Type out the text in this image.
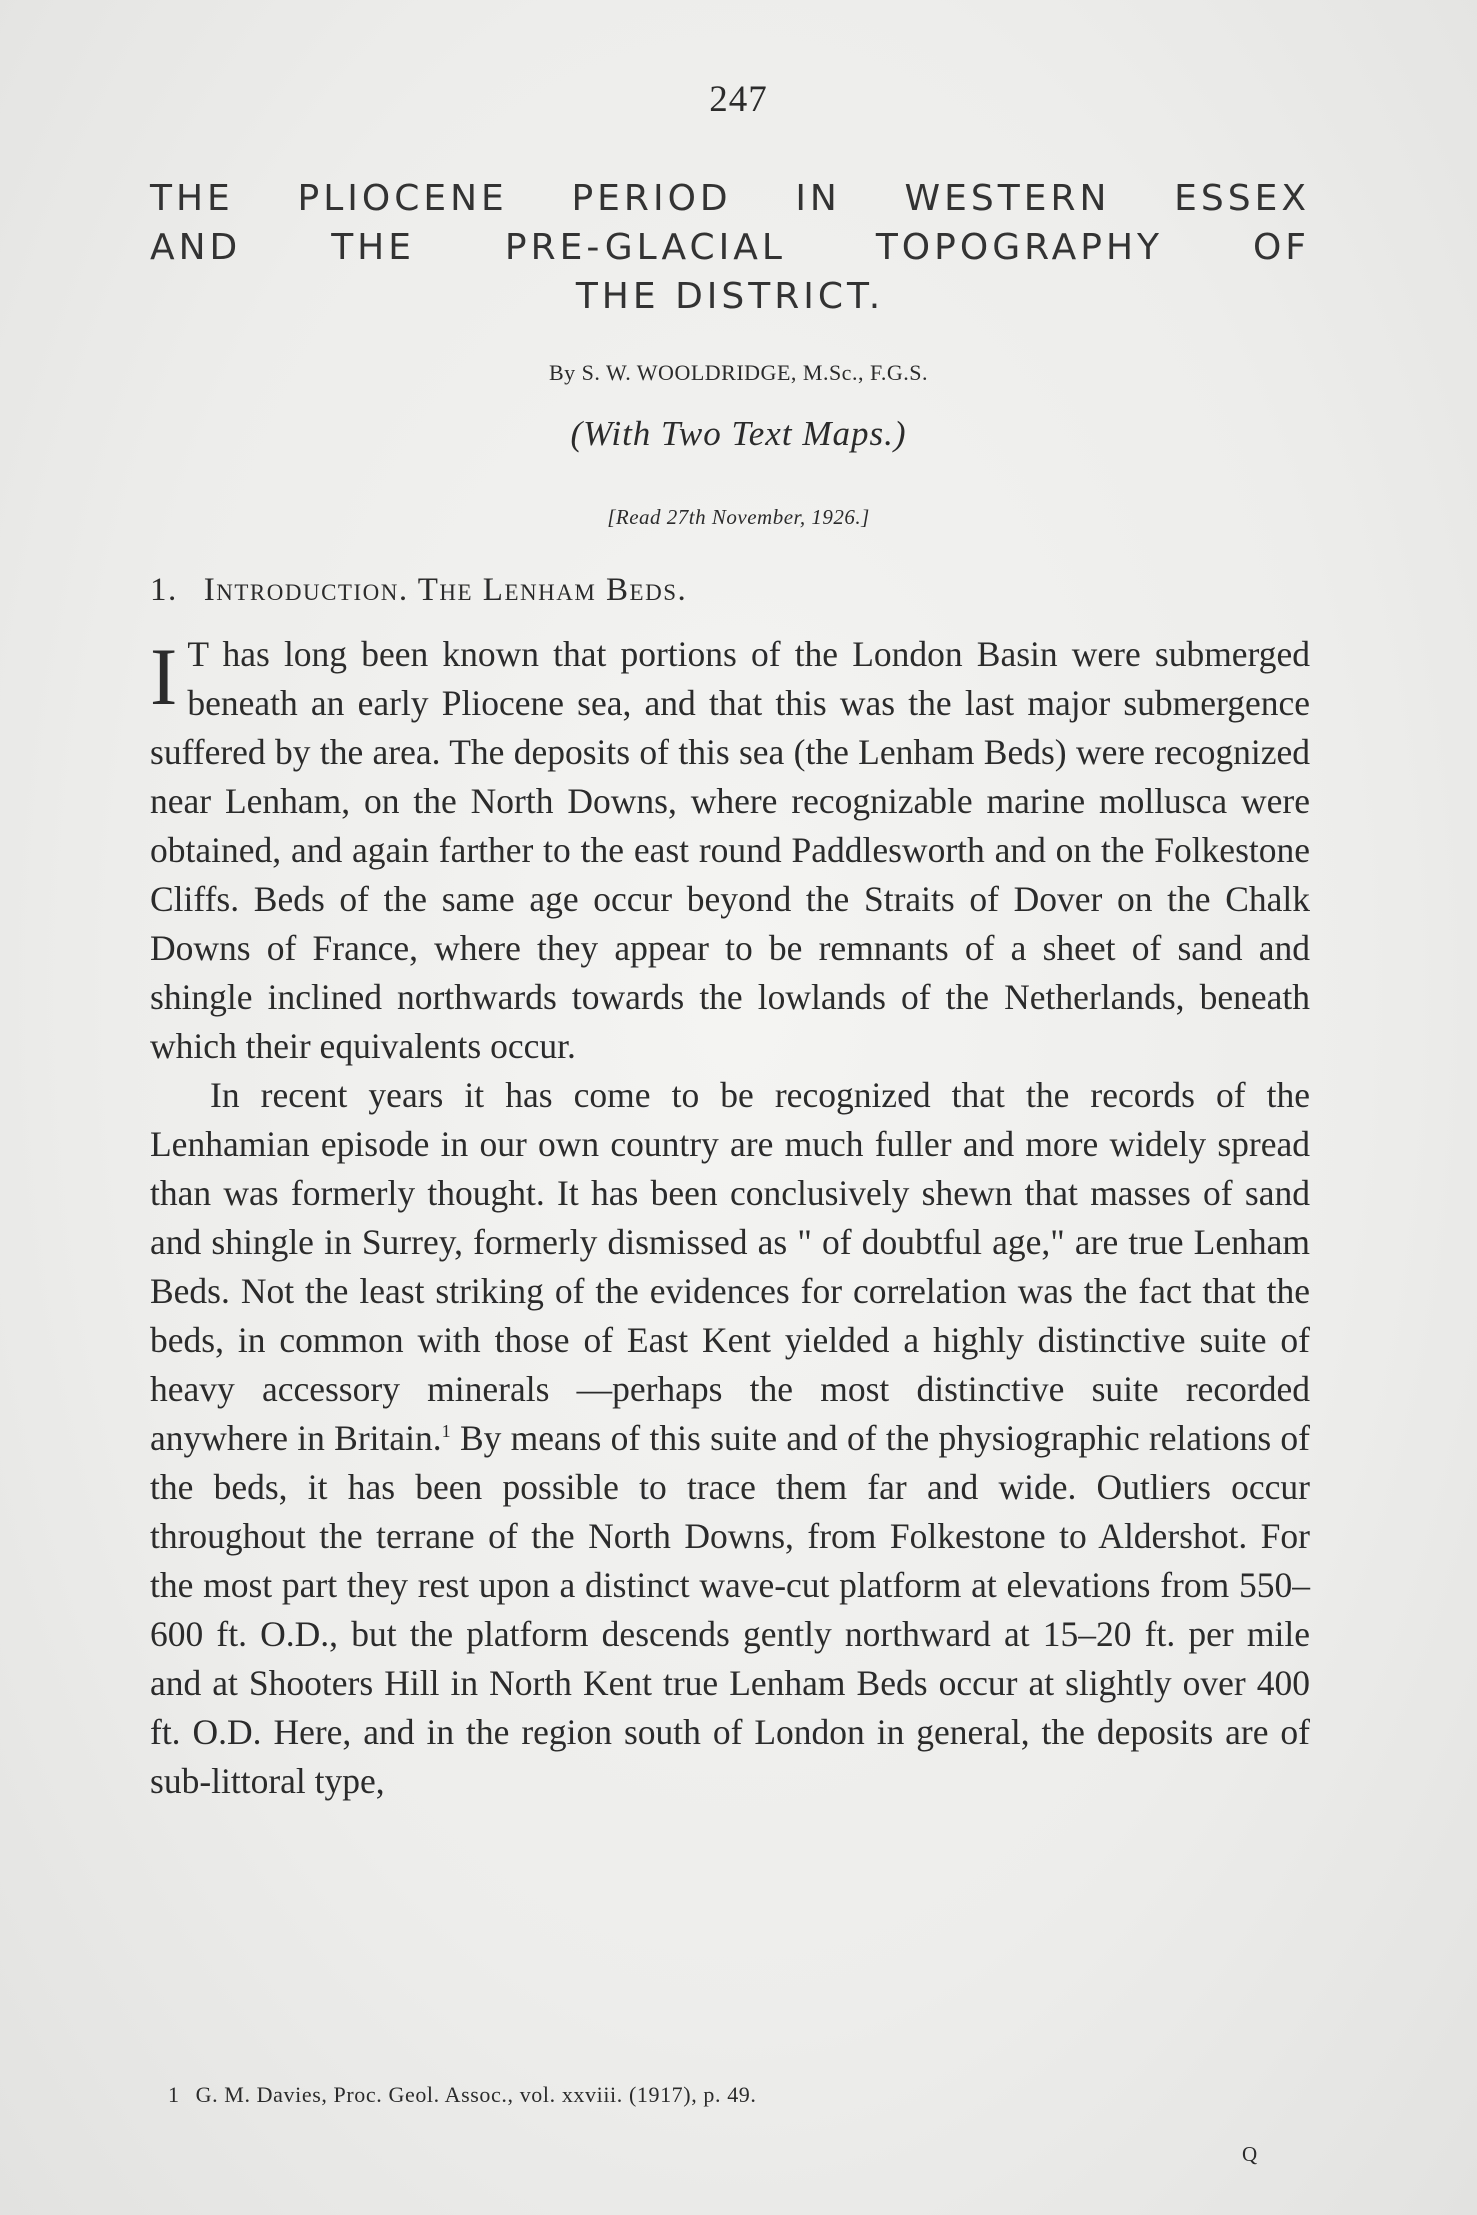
247
THE PLIOCENE PERIOD IN WESTERN ESSEX
AND THE PRE-GLACIAL TOPOGRAPHY OF
THE DISTRICT.
By S. W. WOOLDRIDGE, M.Sc., F.G.S.
(With Two Text Maps.)
[Read 27th November, 1926.]
1. Introduction. The Lenham Beds.

I T has long been known that portions of the London Basin were submerged beneath an early Pliocene sea, and that this was the last major submergence suffered by the area. The deposits of this sea (the Lenham Beds) were recognized near Lenham, on the North Downs, where recognizable marine mollusca were obtained, and again farther to the east round Paddlesworth and on the Folkestone Cliffs. Beds of the same age occur beyond the Straits of Dover on the Chalk Downs of France, where they appear to be remnants of a sheet of sand and shingle inclined northwards towards the lowlands of the Netherlands, beneath which their equivalents occur.

In recent years it has come to be recognized that the records of the Lenhamian episode in our own country are much fuller and more widely spread than was formerly thought. It has been conclusively shewn that masses of sand and shingle in Surrey, formerly dismissed as " of doubtful age," are true Lenham Beds. Not the least striking of the evidences for correlation was the fact that the beds, in common with those of East Kent yielded a highly distinctive suite of heavy accessory minerals —perhaps the most distinctive suite recorded anywhere in Britain.$^1$ By means of this suite and of the physiographic relations of the beds, it has been possible to trace them far and wide. Outliers occur throughout the terrane of the North Downs, from Folkestone to Aldershot. For the most part they rest upon a distinct wave-cut platform at elevations from 550–600 ft. O.D., but the platform descends gently northward at 15–20 ft. per mile and at Shooters Hill in North Kent true Lenham Beds occur at slightly over 400 ft. O.D. Here, and in the region south of London in general, the deposits are of sub-littoral type,

1 G. M. Davies, Proc. Geol. Assoc., vol. xxviii. (1917), p. 49.
Q
